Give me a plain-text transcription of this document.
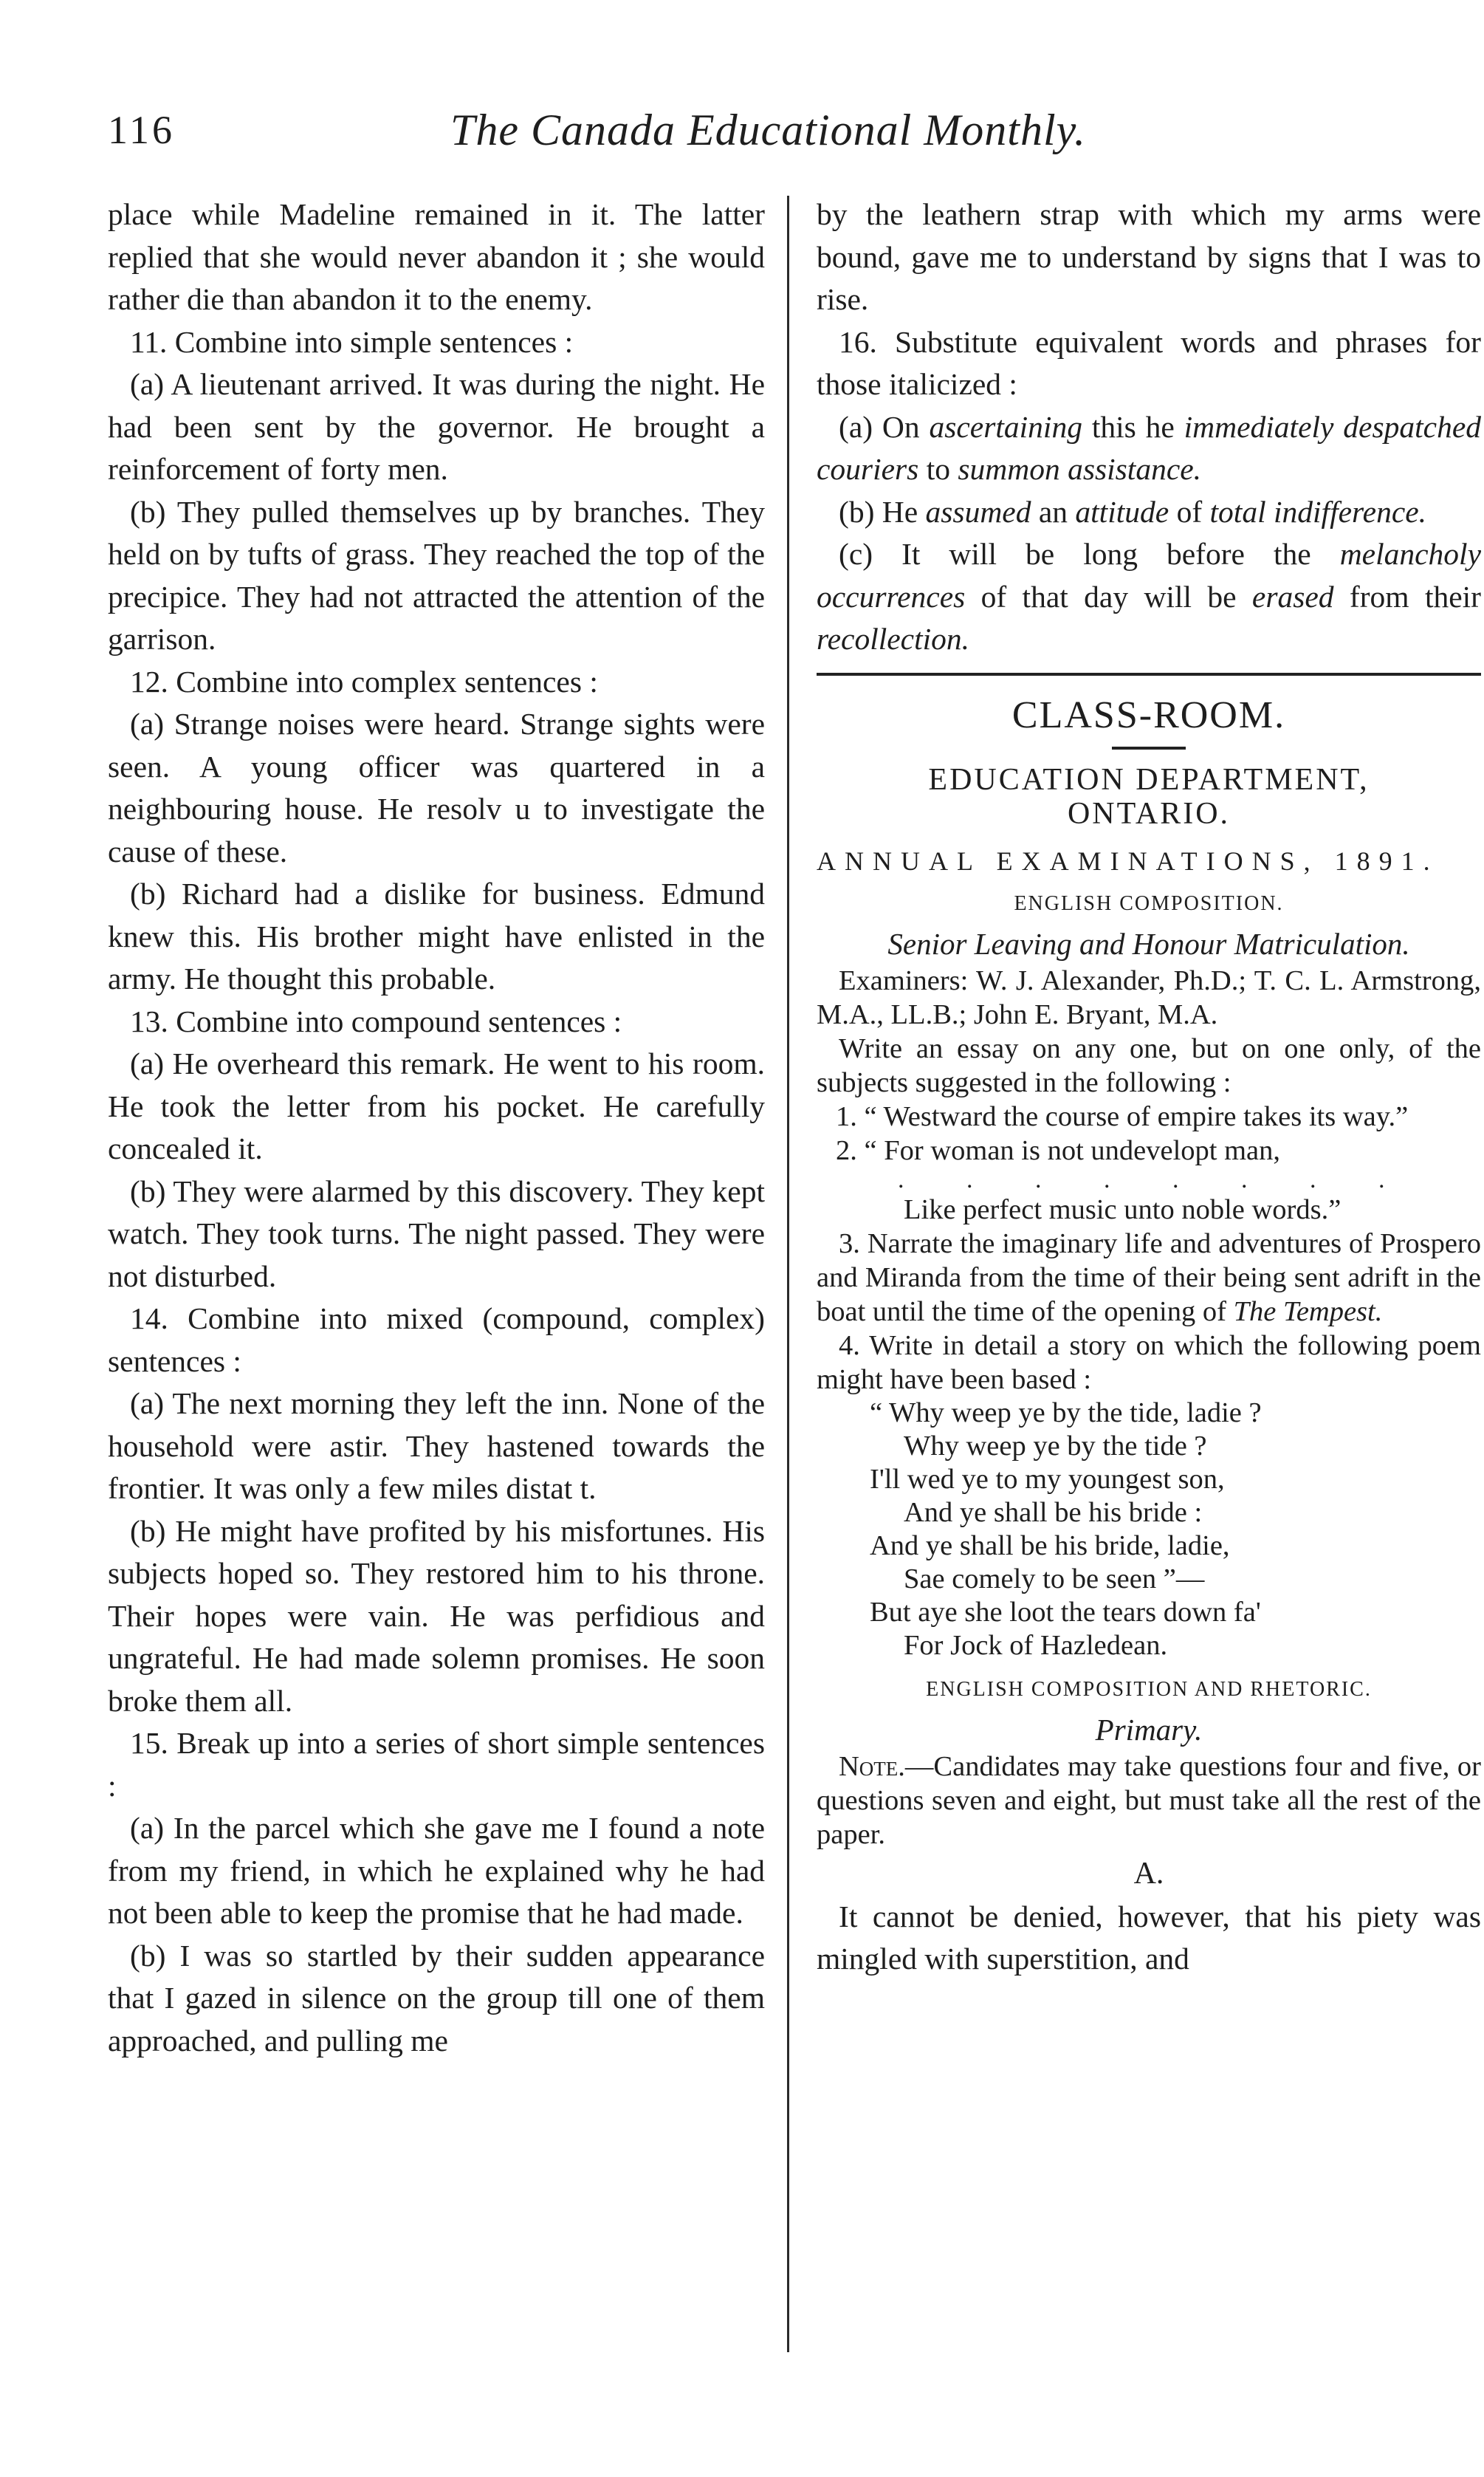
116	The Canada Educational Monthly.

place while Madeline remained in it. The latter replied that she would never abandon it ; she would rather die than abandon it to the enemy.

11. Combine into simple sentences :

(a) A lieutenant arrived. It was during the night. He had been sent by the governor. He brought a reinforcement of forty men.

(b) They pulled themselves up by branches. They held on by tufts of grass. They reached the top of the precipice. They had not attracted the attention of the garrison.

12. Combine into complex sentences :

(a) Strange noises were heard. Strange sights were seen. A young officer was quartered in a neighbouring house. He resolv u to investigate the cause of these.

(b) Richard had a dislike for business. Edmund knew this. His brother might have enlisted in the army. He thought this probable.

13. Combine into compound sentences :

(a) He overheard this remark. He went to his room. He took the letter from his pocket. He carefully concealed it.

(b) They were alarmed by this discovery. They kept watch. They took turns. The night passed. They were not disturbed.

14. Combine into mixed (compound, complex) sentences :

(a) The next morning they left the inn. None of the household were astir. They hastened towards the frontier. It was only a few miles distat t.

(b) He might have profited by his misfortunes. His subjects hoped so. They restored him to his throne. Their hopes were vain. He was perfidious and ungrateful. He had made solemn promises. He soon broke them all.

15. Break up into a series of short simple sentences :

(a) In the parcel which she gave me I found a note from my friend, in which he explained why he had not been able to keep the promise that he had made.

(b) I was so startled by their sudden appearance that I gazed in silence on the group till one of them approached, and pulling me

by the leathern strap with which my arms were bound, gave me to understand by signs that I was to rise.

16. Substitute equivalent words and phrases for those italicized :

(a) On ascertaining this he immediately despatched couriers to summon assistance.

(b) He assumed an attitude of total indifference.

(c) It will be long before the melancholy occurrences of that day will be erased from their recollection.

CLASS-ROOM.
EDUCATION DEPARTMENT,
ONTARIO.
ANNUAL EXAMINATIONS, 1891.
ENGLISH COMPOSITION.
Senior Leaving and Honour Matriculation.

Examiners: W. J. Alexander, Ph.D.; T. C. L. Armstrong, M.A., LL.B.; John E. Bryant, M.A.

Write an essay on any one, but on one only, of the subjects suggested in the following :

1. “ Westward the course of empire takes its way.”

2. “ For woman is not undevelopt man,

. . . . . . . .

Like perfect music unto noble words.”

3. Narrate the imaginary life and adventures of Prospero and Miranda from the time of their being sent adrift in the boat until the time of the opening of The Tempest.

4. Write in detail a story on which the following poem might have been based :

“ Why weep ye by the tide, ladie ?
Why weep ye by the tide ?
I'll wed ye to my youngest son,
And ye shall be his bride :
And ye shall be his bride, ladie,
Sae comely to be seen ”—
But aye she loot the tears down fa'
For Jock of Hazledean.
ENGLISH COMPOSITION AND RHETORIC.
Primary.

Note.—Candidates may take questions four and five, or questions seven and eight, but must take all the rest of the paper.

A.

It cannot be denied, however, that his piety was mingled with superstition, and
